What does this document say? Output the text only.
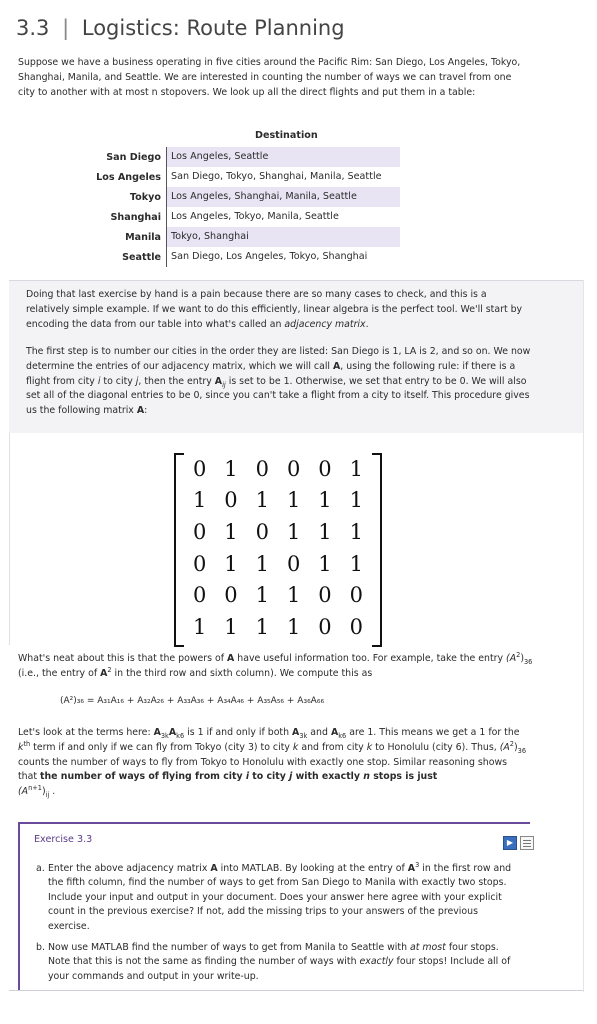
3.3 | Logistics: Route Planning
Suppose we have a business operating in five cities around the Pacific Rim: San Diego, Los Angeles, Tokyo, Shanghai, Manila, and Seattle. We are interested in counting the number of ways we can travel from one city to another with at most n stopovers. We look up all the direct flights and put them in a table:
Destination
San Diego	Los Angeles, Seattle
Los Angeles	San Diego, Tokyo, Shanghai, Manila, Seattle
Tokyo	Los Angeles, Shanghai, Manila, Seattle
Shanghai	Los Angeles, Tokyo, Manila, Seattle
Manila	Tokyo, Shanghai
Seattle	San Diego, Los Angeles, Tokyo, Shanghai
Doing that last exercise by hand is a pain because there are so many cases to check, and this is a relatively simple example. If we want to do this efficiently, linear algebra is the perfect tool. We'll start by encoding the data from our table into what's called an adjacency matrix.
The first step is to number our cities in the order they are listed: San Diego is 1, LA is 2, and so on. We now determine the entries of our adjacency matrix, which we will call A, using the following rule: if there is a flight from city i to city j, then the entry $A_{ij}$ is set to be 1. Otherwise, we set that entry to be 0. We will also set all of the diagonal entries to be 0, since you can't take a flight from a city to itself. This procedure gives us the following matrix A:
0 1 0 0 0 1
1 0 1 1 1 1
0 1 0 1 1 1
0 1 1 0 1 1
0 0 1 1 0 0
1 1 1 1 0 0
What's neat about this is that the powers of A have useful information too. For example, take the entry $(A^2)_{36}$ (i.e., the entry of $A^2$ in the third row and sixth column). We compute this as
(A²)₃₆ = A₃₁A₁₆ + A₃₂A₂₆ + A₃₃A₃₆ + A₃₄A₄₆ + A₃₅A₅₆ + A₃₆A₆₆
Let's look at the terms here: $A_{3k}A_{k6}$ is 1 if and only if both $A_{3k}$ and $A_{k6}$ are 1. This means we get a 1 for the $k^{th}$ term if and only if we can fly from Tokyo (city 3) to city k and from city k to Honolulu (city 6). Thus, $(A^2)_{36}$ counts the number of ways to fly from Tokyo to Honolulu with exactly one stop. Similar reasoning shows that the number of ways of flying from city i to city j with exactly n stops is just
$(A^{n+1})_{ij}$ .
Exercise 3.3	▶
a. Enter the above adjacency matrix A into MATLAB. By looking at the entry of $A^3$ in the first row and the fifth column, find the number of ways to get from San Diego to Manila with exactly two stops. Include your input and output in your document. Does your answer here agree with your explicit count in the previous exercise? If not, add the missing trips to your answers of the previous exercise.
b. Now use MATLAB find the number of ways to get from Manila to Seattle with at most four stops. Note that this is not the same as finding the number of ways with exactly four stops! Include all of your commands and output in your write-up.
